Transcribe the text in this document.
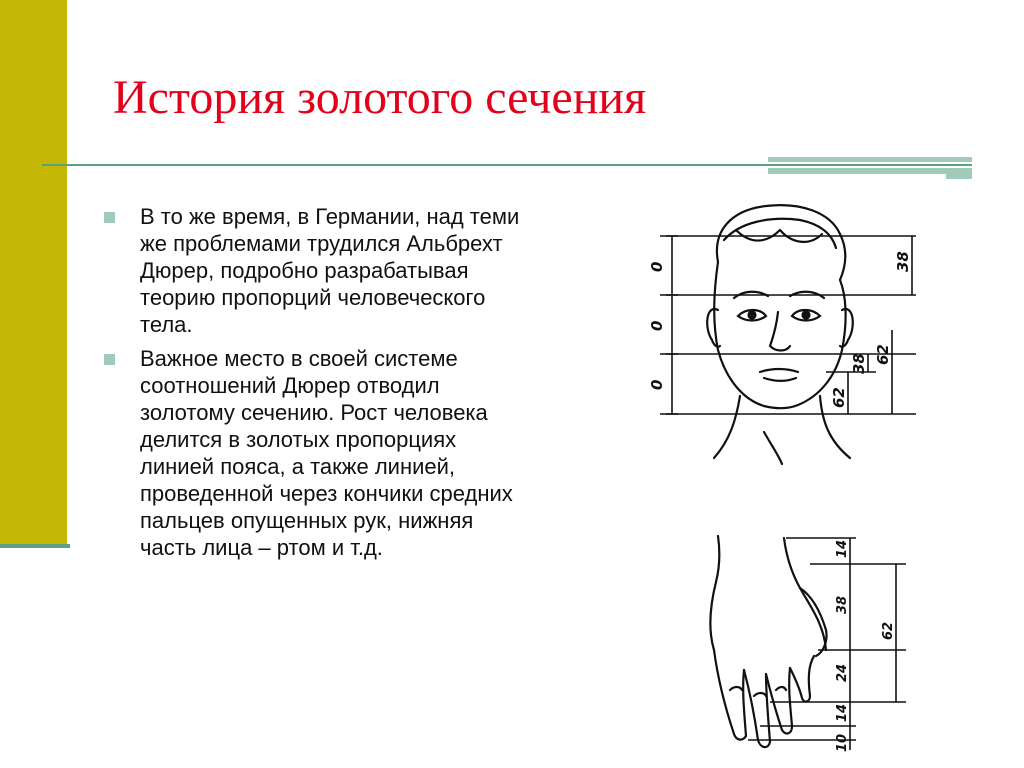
История золотого сечения
В то же время, в Германии, над теми же проблемами трудился Альбрехт Дюрер, подробно разрабатывая теорию пропорций человеческого тела.
Важное место в своей системе соотношений Дюрер отводил золотому сечению. Рост человека делится в золотых пропорциях линией пояса, а также линией, проведенной через кончики средних пальцев опущенных рук, нижняя часть лица – ртом и т.д.
0
0
0
38
62
38
62
14
38
62
24
14
10
